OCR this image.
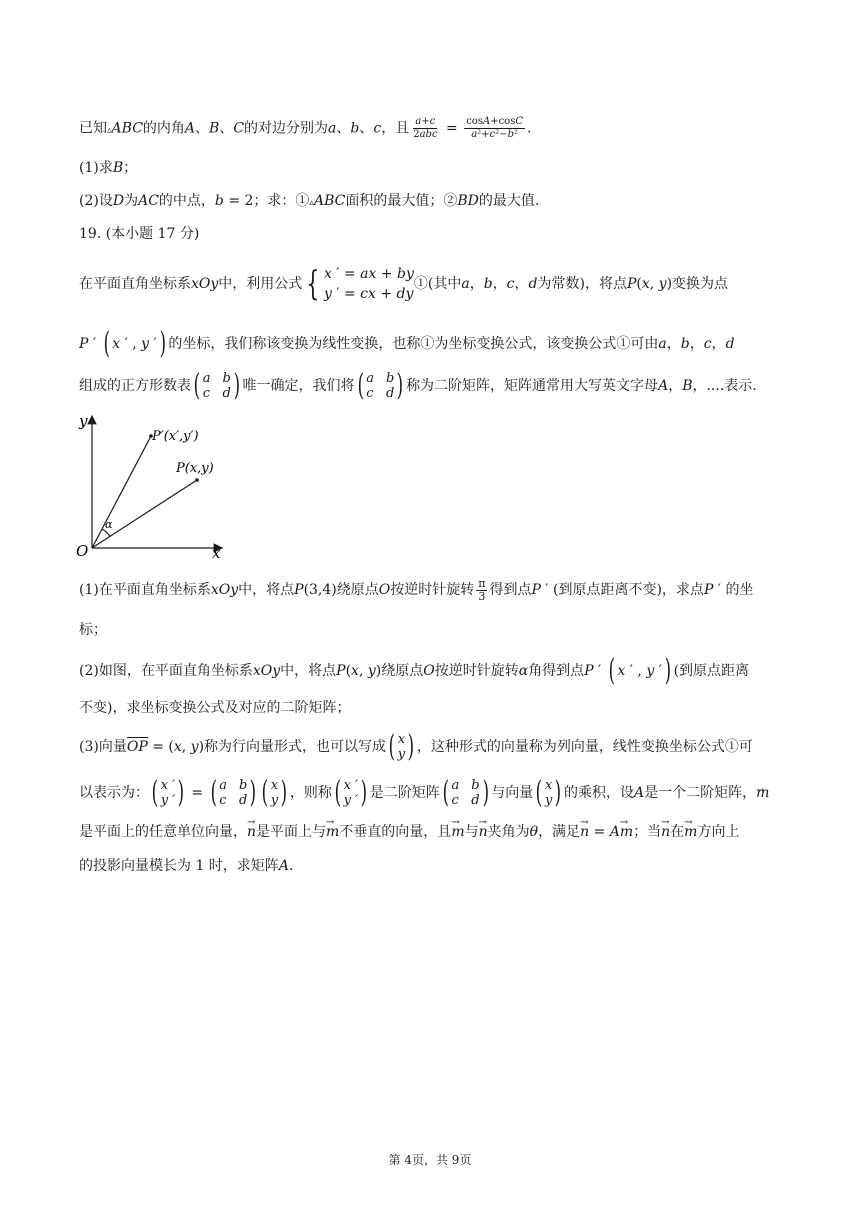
已知▵ABC的内角A、B、C的对边分别为a、b、c，且 $\frac{a+c}{\text{2abc}} = \frac{\cos A+\cos C}{\text{a²+c²−b²}}$ .
(1)求B；
(2)设D为AC的中点，b = 2；求：①▵ABC面积的最大值；②BD的最大值.
19. (本小题 17 分)
在平面直角坐标系xOy中，利用公式 { x ′ = ax + by
y ′ = cx + dy
①(其中a，b，c，d为常数)，将点P(x, y)变换为点
P ′ ( x ′ , y ′ ) 的坐标，我们称该变换为线性变换，也称①为坐标变换公式，该变换公式①可由a，b，c，d
组成的正方形数表 ( a b
c d ) 唯一确定，我们将 ( a b
c d ) 称为二阶矩阵，矩阵通常用大写英文字母A，B，....表示.
y
x
O
α
P(x,y)
P′(x′,y′)
(1)在平面直角坐标系xOy中，将点P(3,4)绕原点O按逆时针旋转 $\frac{\pi}{3}$ 得到点P ′ (到原点距离不变)，求点P ′ 的坐
标；
(2)如图，在平面直角坐标系xOy中，将点P(x, y)绕原点O按逆时针旋转α角得到点P ′ ( x ′ , y ′ ) (到原点距离
不变)，求坐标变换公式及对应的二阶矩阵；
(3)向量OP = (x, y)称为行向量形式，也可以写成 ( x
y ) ，这种形式的向量称为列向量，线性变换坐标公式①可
以表示为： ( x ′
y ′ ) = ( a b
c d ) ( x
y ) ，则称 ( x ′
y ′ ) 是二阶矩阵 ( a b
c d ) 与向量 ( x
y ) 的乘积，设A是一个二阶矩阵，→ m
是平面上的任意单位向量，→ n是平面上与→ m不垂直的向量，且→ m与→ n夹角为θ，满足→ n = A→ m；当→ n在→ m方向上
的投影向量模长为 1 时，求矩阵A.
第 4页，共 9页
